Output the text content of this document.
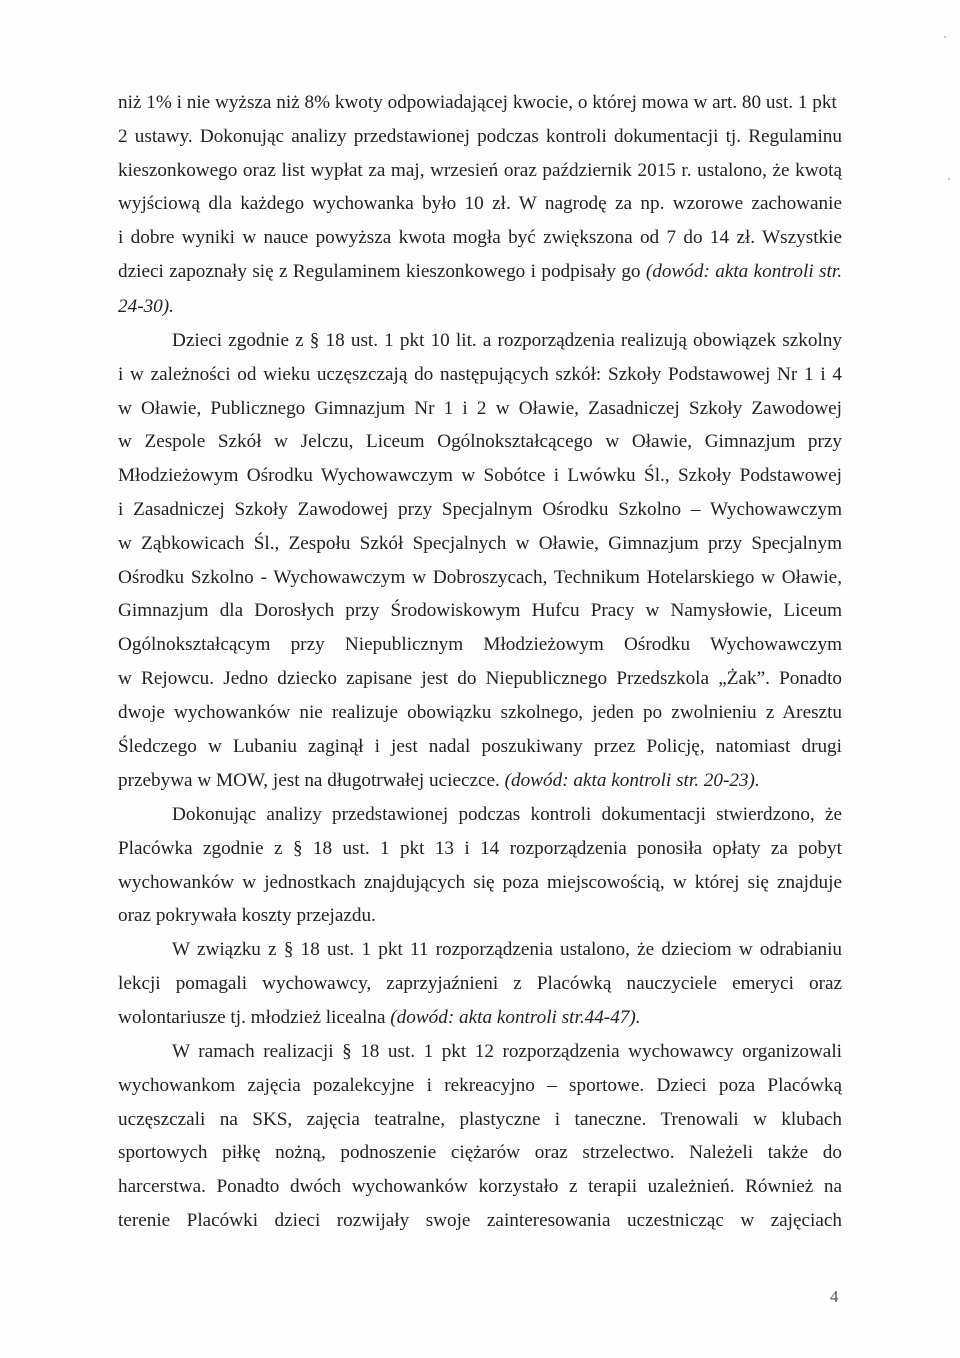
niż 1% i nie wyższa niż 8% kwoty odpowiadającej kwocie, o której mowa w art. 80 ust. 1 pkt
2 ustawy. Dokonując analizy przedstawionej podczas kontroli dokumentacji tj. Regulaminu
kieszonkowego oraz list wypłat za maj, wrzesień oraz październik 2015 r. ustalono, że kwotą
wyjściową dla każdego wychowanka było 10 zł. W nagrodę za np. wzorowe zachowanie
i dobre wyniki w nauce powyższa kwota mogła być zwiększona od 7 do 14 zł. Wszystkie
dzieci zapoznały się z Regulaminem kieszonkowego i podpisały go (dowód: akta kontroli str.
24-30).
Dzieci zgodnie z § 18 ust. 1 pkt 10 lit. a rozporządzenia realizują obowiązek szkolny
i w zależności od wieku uczęszczają do następujących szkół: Szkoły Podstawowej Nr 1 i 4
w Oławie, Publicznego Gimnazjum Nr 1 i 2 w Oławie, Zasadniczej Szkoły Zawodowej
w Zespole Szkół w Jelczu, Liceum Ogólnokształcącego w Oławie, Gimnazjum przy
Młodzieżowym Ośrodku Wychowawczym w Sobótce i Lwówku Śl., Szkoły Podstawowej
i Zasadniczej Szkoły Zawodowej przy Specjalnym Ośrodku Szkolno – Wychowawczym
w Ząbkowicach Śl., Zespołu Szkół Specjalnych w Oławie, Gimnazjum przy Specjalnym
Ośrodku Szkolno - Wychowawczym w Dobroszycach, Technikum Hotelarskiego w Oławie,
Gimnazjum dla Dorosłych przy Środowiskowym Hufcu Pracy w Namysłowie, Liceum
Ogólnokształcącym przy Niepublicznym Młodzieżowym Ośrodku Wychowawczym
w Rejowcu. Jedno dziecko zapisane jest do Niepublicznego Przedszkola „Żak”. Ponadto
dwoje wychowanków nie realizuje obowiązku szkolnego, jeden po zwolnieniu z Aresztu
Śledczego w Lubaniu zaginął i jest nadal poszukiwany przez Policję, natomiast drugi
przebywa w MOW, jest na długotrwałej ucieczce. (dowód: akta kontroli str. 20-23).
Dokonując analizy przedstawionej podczas kontroli dokumentacji stwierdzono, że
Placówka zgodnie z § 18 ust. 1 pkt 13 i 14 rozporządzenia ponosiła opłaty za pobyt
wychowanków w jednostkach znajdujących się poza miejscowością, w której się znajduje
oraz pokrywała koszty przejazdu.
W związku z § 18 ust. 1 pkt 11 rozporządzenia ustalono, że dzieciom w odrabianiu
lekcji pomagali wychowawcy, zaprzyjaźnieni z Placówką nauczyciele emeryci oraz
wolontariusze tj. młodzież licealna (dowód: akta kontroli str.44-47).
W ramach realizacji § 18 ust. 1 pkt 12 rozporządzenia wychowawcy organizowali
wychowankom zajęcia pozalekcyjne i rekreacyjno – sportowe. Dzieci poza Placówką
uczęszczali na SKS, zajęcia teatralne, plastyczne i taneczne. Trenowali w klubach
sportowych piłkę nożną, podnoszenie ciężarów oraz strzelectwo. Należeli także do
harcerstwa. Ponadto dwóch wychowanków korzystało z terapii uzależnień. Również na
terenie Placówki dzieci rozwijały swoje zainteresowania uczestnicząc w zajęciach
4
